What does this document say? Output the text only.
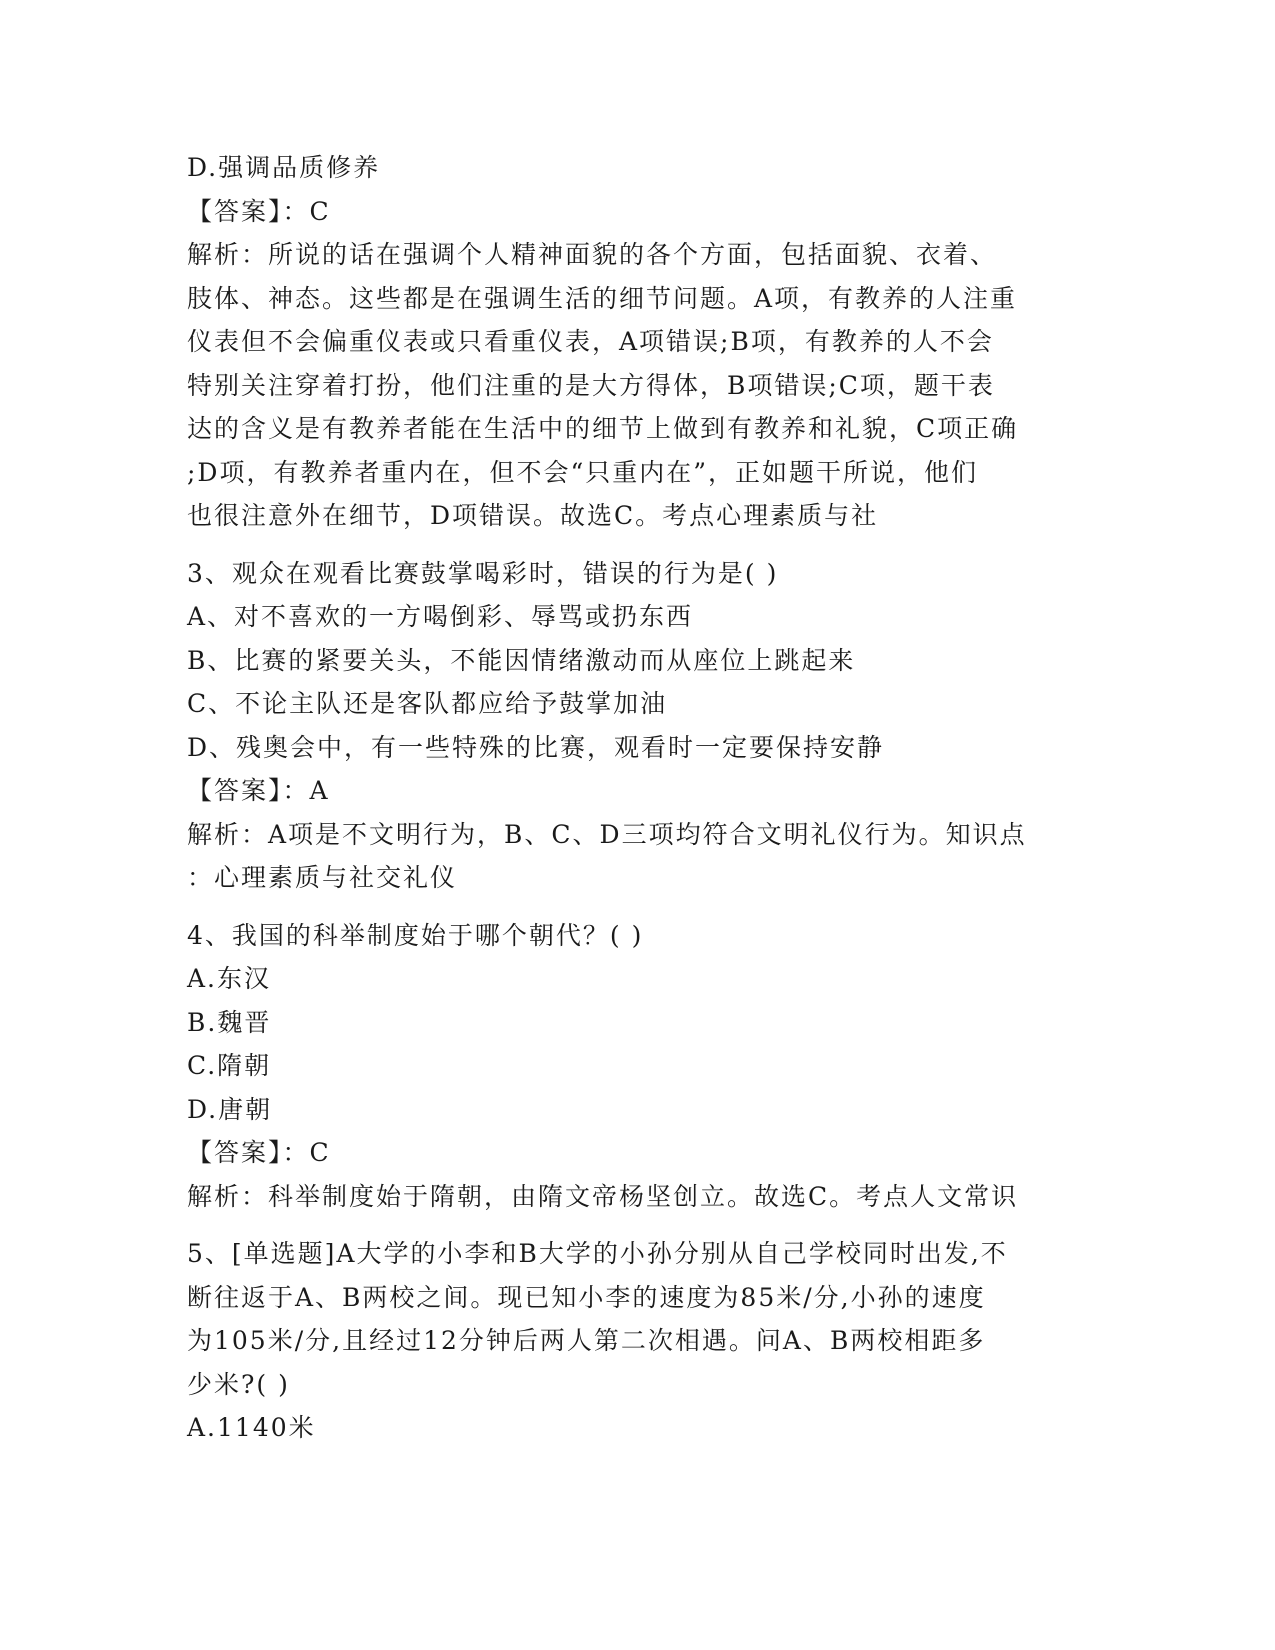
D.强调品质修养
【答案】：C
解析：所说的话在强调个人精神面貌的各个方面，包括面貌、衣着、
肢体、神态。这些都是在强调生活的细节问题。A项，有教养的人注重
仪表但不会偏重仪表或只看重仪表，A项错误;B项，有教养的人不会
特别关注穿着打扮，他们注重的是大方得体，B项错误;C项，题干表
达的含义是有教养者能在生活中的细节上做到有教养和礼貌，C项正确
;D项，有教养者重内在，但不会“只重内在”，正如题干所说，他们
也很注意外在细节，D项错误。故选C。考点心理素质与社
3、观众在观看比赛鼓掌喝彩时，错误的行为是( )
A、对不喜欢的一方喝倒彩、辱骂或扔东西
B、比赛的紧要关头，不能因情绪激动而从座位上跳起来
C、不论主队还是客队都应给予鼓掌加油
D、残奥会中，有一些特殊的比赛，观看时一定要保持安静
【答案】：A
解析：A项是不文明行为，B、C、D三项均符合文明礼仪行为。知识点
：心理素质与社交礼仪
4、我国的科举制度始于哪个朝代？( )
A.东汉
B.魏晋
C.隋朝
D.唐朝
【答案】：C
解析：科举制度始于隋朝，由隋文帝杨坚创立。故选C。考点人文常识
5、[单选题]A大学的小李和B大学的小孙分别从自己学校同时出发,不
断往返于A、B两校之间。现已知小李的速度为85米/分,小孙的速度
为105米/分,且经过12分钟后两人第二次相遇。问A、B两校相距多
少米?( )
A.1140米
